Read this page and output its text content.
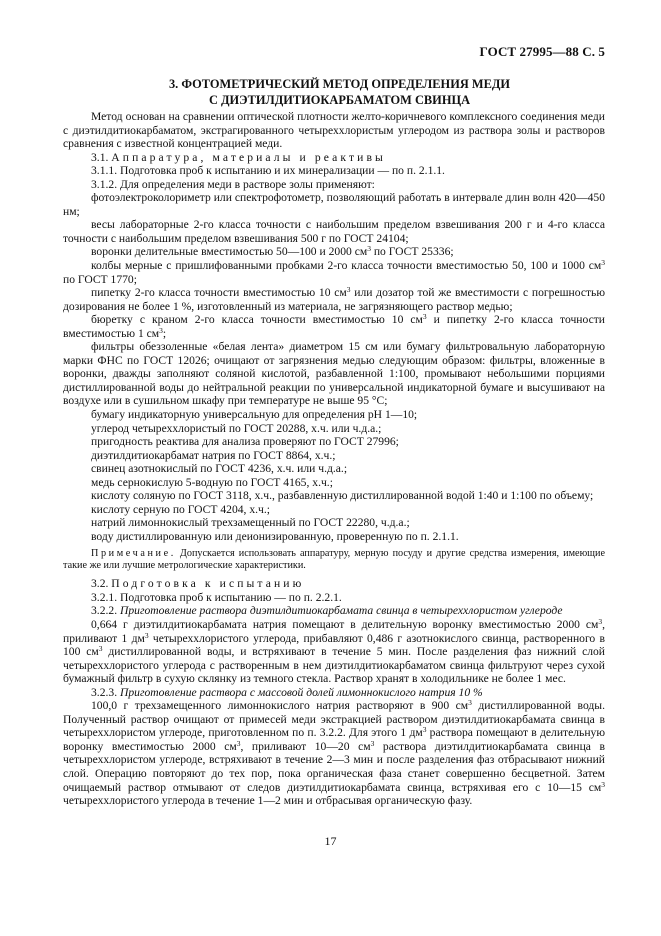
ГОСТ 27995—88 С. 5
3. ФОТОМЕТРИЧЕСКИЙ МЕТОД ОПРЕДЕЛЕНИЯ МЕДИ
С ДИЭТИЛДИТИОКАРБАМАТОМ СВИНЦА

Метод основан на сравнении оптической плотности желто-коричневого комплексного соединения меди с диэтилдитиокарбаматом, экстрагированного четыреххлористым углеродом из раствора золы и растворов сравнения с известной концентрацией меди.

3.1. Аппаратура, материалы и реактивы

3.1.1. Подготовка проб к испытанию и их минерализации — по п. 2.1.1.

3.1.2. Для определения меди в растворе золы применяют:

фотоэлектроколориметр или спектрофотометр, позволяющий работать в интервале длин волн 420—450 нм;

весы лабораторные 2-го класса точности с наибольшим пределом взвешивания 200 г и 4-го класса точности с наибольшим пределом взвешивания 500 г по ГОСТ 24104;

воронки делительные вместимостью 50—100 и 2000 $см^3$ по ГОСТ 25336;

колбы мерные с пришлифованными пробками 2-го класса точности вместимостью 50, 100 и 1000 $см^3$ по ГОСТ 1770;

пипетку 2-го класса точности вместимостью 10 $см^3$ или дозатор той же вместимости с погрешностью дозирования не более 1 %, изготовленный из материала, не загрязняющего раствор медью;

бюретку с краном 2-го класса точности вместимостью 10 $см^3$ и пипетку 2-го класса точности вместимостью 1 $см^3$;

фильтры обеззоленные «белая лента» диаметром 15 см или бумагу фильтровальную лабораторную марки ФНС по ГОСТ 12026; очищают от загрязнения медью следующим образом: фильтры, вложенные в воронки, дважды заполняют соляной кислотой, разбавленной 1:100, промывают небольшими порциями дистиллированной воды до нейтральной реакции по универсальной индикаторной бумаге и высушивают на воздухе или в сушильном шкафу при температуре не выше 95 °С;

бумагу индикаторную универсальную для определения pH 1—10;

углерод четыреххлористый по ГОСТ 20288, х.ч. или ч.д.а.;

пригодность реактива для анализа проверяют по ГОСТ 27996;

диэтилдитиокарбамат натрия по ГОСТ 8864, х.ч.;

свинец азотнокислый по ГОСТ 4236, х.ч. или ч.д.а.;

медь сернокислую 5-водную по ГОСТ 4165, х.ч.;

кислоту соляную по ГОСТ 3118, х.ч., разбавленную дистиллированной водой 1:40 и 1:100 по объему;

кислоту серную по ГОСТ 4204, х.ч.;

натрий лимоннокислый трехзамещенный по ГОСТ 22280, ч.д.а.;

воду дистиллированную или деионизированную, проверенную по п. 2.1.1.

Примечание. Допускается использовать аппаратуру, мерную посуду и другие средства измерения, имеющие такие же или лучшие метрологические характеристики.

3.2. Подготовка к испытанию

3.2.1. Подготовка проб к испытанию — по п. 2.2.1.

3.2.2. Приготовление раствора диэтилдитиокарбамата свинца в четыреххлористом углероде

0,664 г диэтилдитиокарбамата натрия помещают в делительную воронку вместимостью 2000 $см^3$, приливают 1 $дм^3$ четыреххлористого углерода, прибавляют 0,486 г азотнокислого свинца, растворенного в 100 $см^3$ дистиллированной воды, и встряхивают в течение 5 мин. После разделения фаз нижний слой четыреххлористого углерода с растворенным в нем диэтилдитиокарбаматом свинца фильтруют через сухой бумажный фильтр в сухую склянку из темного стекла. Раствор хранят в холодильнике не более 1 мес.

3.2.3. Приготовление раствора с массовой долей лимоннокислого натрия 10 %

100,0 г трехзамещенного лимоннокислого натрия растворяют в 900 $см^3$ дистиллированной воды. Полученный раствор очищают от примесей меди экстракцией раствором диэтилдитиокарбамата свинца в четыреххлористом углероде, приготовленном по п. 3.2.2. Для этого 1 $дм^3$ раствора помещают в делительную воронку вместимостью 2000 $см^3$, приливают 10—20 $см^3$ раствора диэтилдитиокарбамата свинца в четыреххлористом углероде, встряхивают в течение 2—3 мин и после разделения фаз отбрасывают нижний слой. Операцию повторяют до тех пор, пока органическая фаза станет совершенно бесцветной. Затем очищаемый раствор отмывают от следов диэтилдитиокарбамата свинца, встряхивая его с 10—15 $см^3$ четыреххлористого углерода в течение 1—2 мин и отбрасывая органическую фазу.

17
